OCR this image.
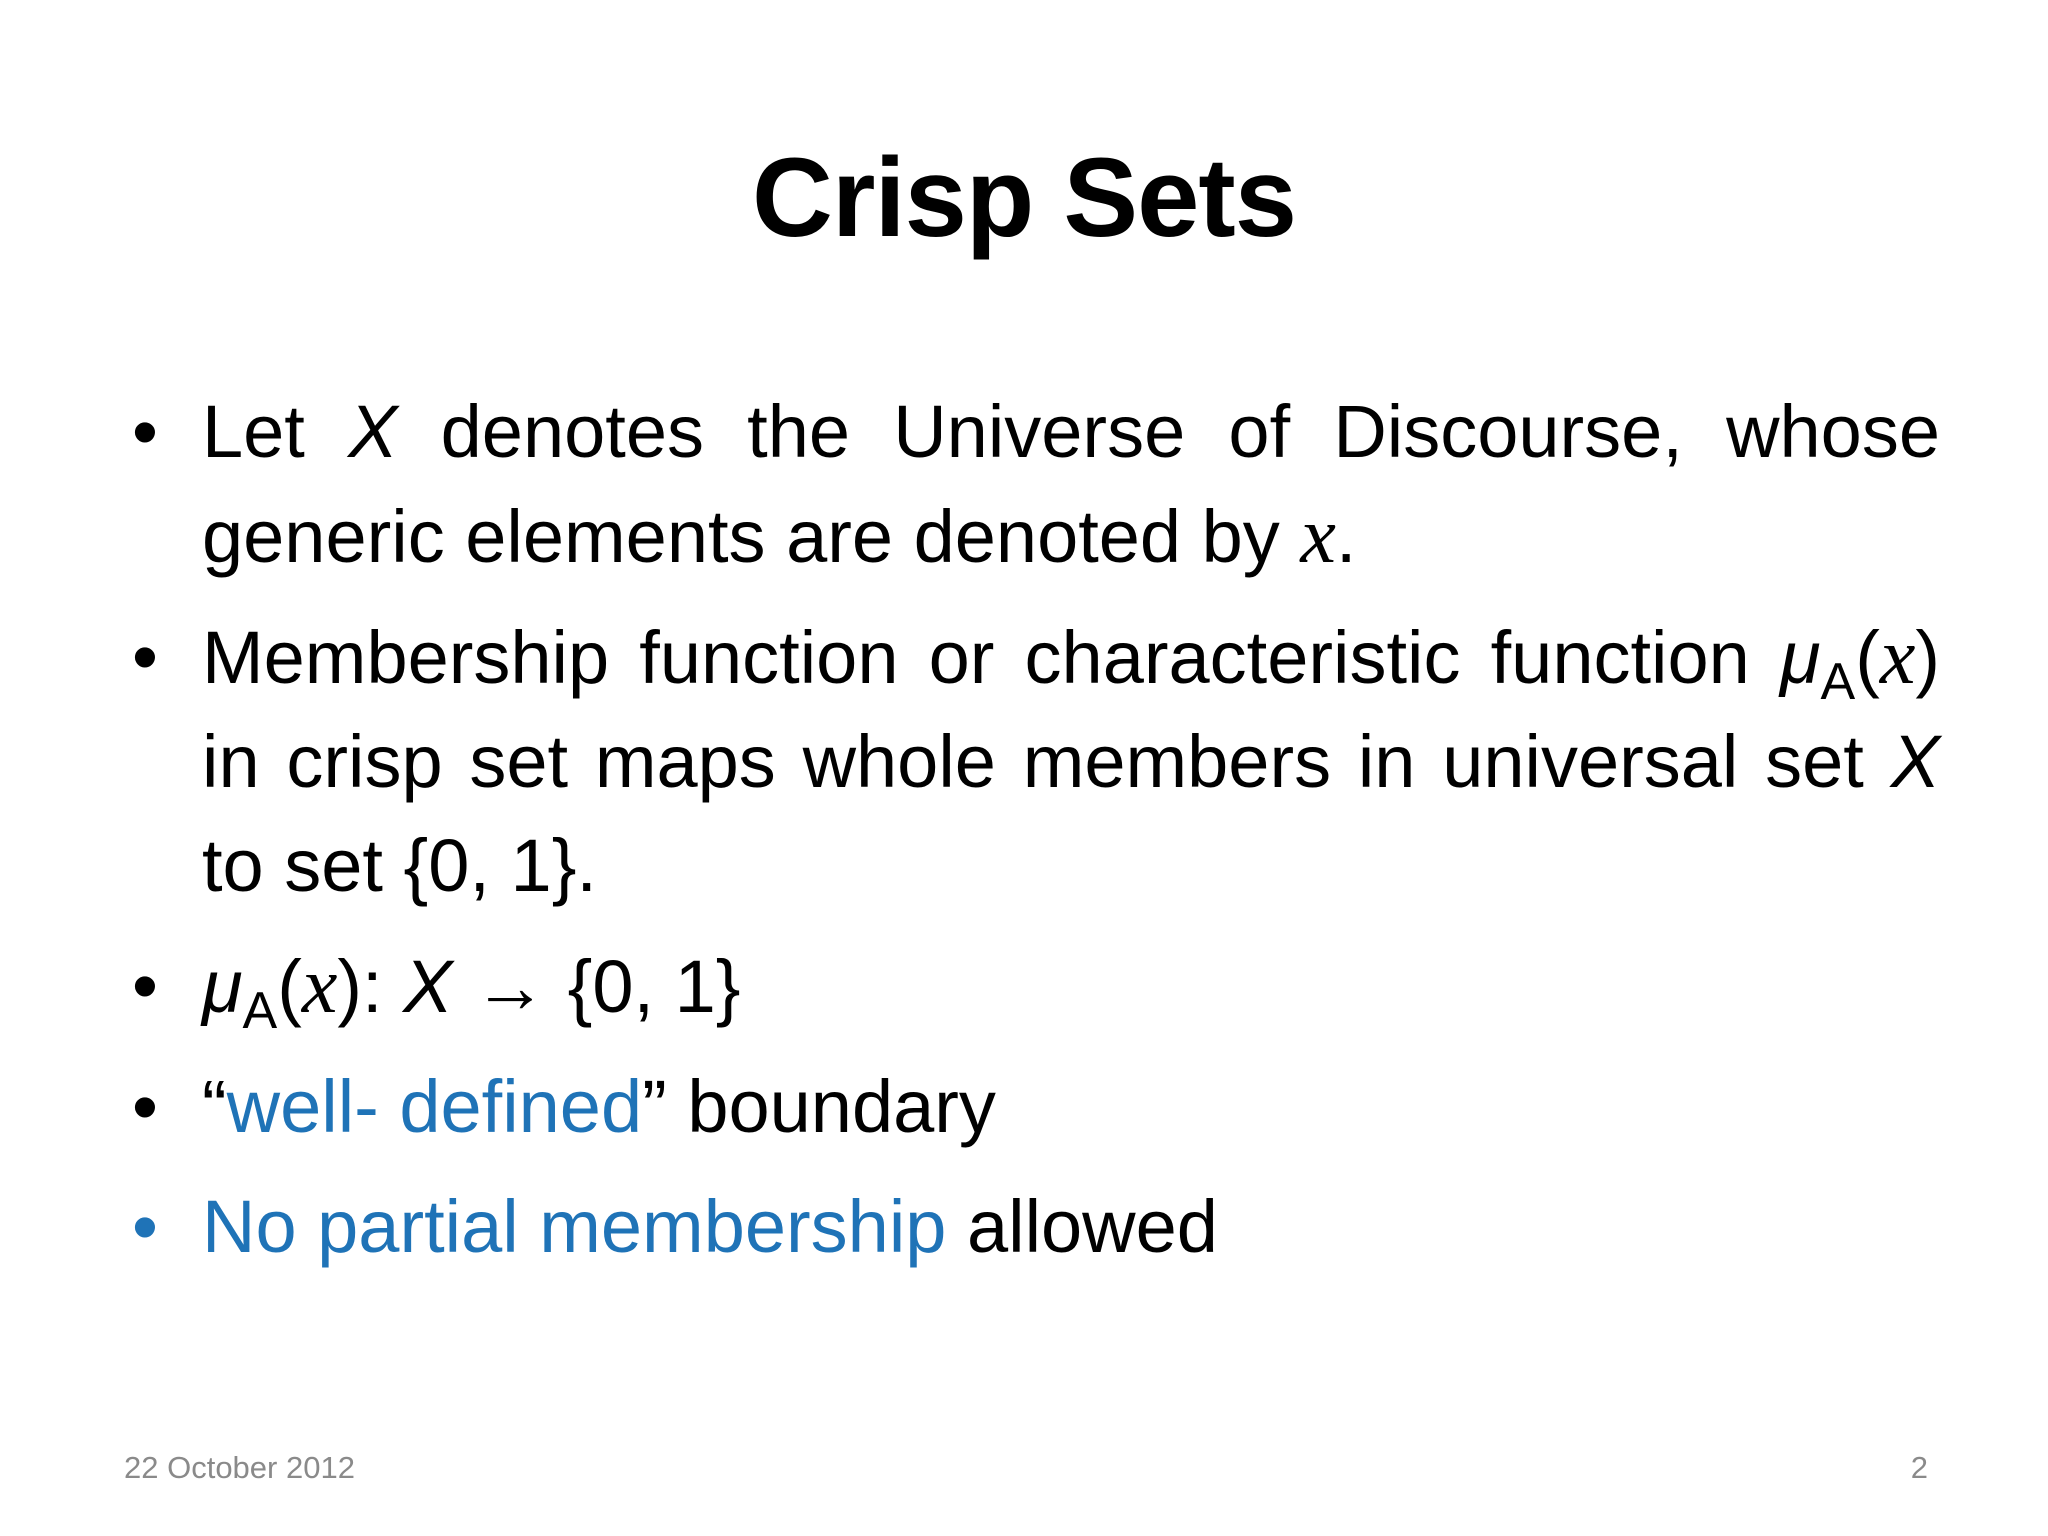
Crisp Sets
• Let X denotes the Universe of Discourse, whose generic elements are denoted by x.
• Membership function or characteristic function $\mu_A(x)$ in crisp set maps whole members in universal set X to set {0, 1}.
• $\mu_A(x)$: X → {0, 1}
• “well- defined” boundary
• No partial membership allowed
22 October 2012	2
